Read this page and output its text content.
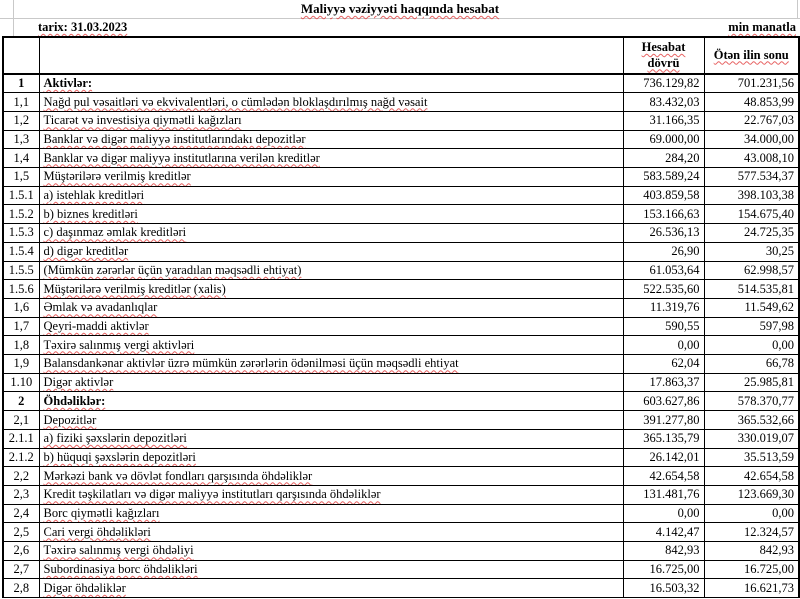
Maliyyə vəziyyəti haqqında hesabat
tarix: 31.03.2023	min manatla
		Hesabat dövrü	Ötən ilin sonu
1	Aktivlər:	736.129,82	701.231,56
1,1	Nağd pul vəsaitləri və ekvivalentləri, o cümlədən bloklaşdırılmış nağd vəsait	83.432,03	48.853,99
1,2	Ticarət və investisiya qiymətli kağızları	31.166,35	22.767,03
1,3	Banklar və digər maliyyə institutlarındakı depozitlər	69.000,00	34.000,00
1,4	Banklar və digər maliyyə institutlarına verilən kreditlər	284,20	43.008,10
1,5	Müştərilərə verilmiş kreditlər	583.589,24	577.534,37
1.5.1	a) istehlak kreditləri	403.859,58	398.103,38
1.5.2	b) biznes kreditləri	153.166,63	154.675,40
1.5.3	c) daşınmaz əmlak kreditləri	26.536,13	24.725,35
1.5.4	d) digər kreditlər	26,90	30,25
1.5.5	(Mümkün zərərlər üçün yaradılan məqsədli ehtiyat)	61.053,64	62.998,57
1.5.6	Müştərilərə verilmiş kreditlər (xalis)	522.535,60	514.535,81
1,6	Əmlak və avadanlıqlar	11.319,76	11.549,62
1,7	Qeyri-maddi aktivlər	590,55	597,98
1,8	Təxirə salınmış vergi aktivləri	0,00	0,00
1,9	Balansdankənar aktivlər üzrə mümkün zərərlərin ödənilməsi üçün məqsədli ehtiyat	62,04	66,78
1.10	Digər aktivlər	17.863,37	25.985,81
2	Öhdəliklər:	603.627,86	578.370,77
2,1	Depozitlər	391.277,80	365.532,66
2.1.1	a) fiziki şəxslərin depozitləri	365.135,79	330.019,07
2.1.2	b) hüquqi şəxslərin depozitləri	26.142,01	35.513,59
2,2	Mərkəzi bank və dövlət fondları qarşısında öhdəliklər	42.654,58	42.654,58
2,3	Kredit təşkilatları və digər maliyyə institutları qarşısında öhdəliklər	131.481,76	123.669,30
2,4	Borc qiymətli kağızları	0,00	0,00
2,5	Cari vergi öhdəlikləri	4.142,47	12.324,57
2,6	Təxirə salınmış vergi öhdəliyi	842,93	842,93
2,7	Subordinasiya borc öhdəlikləri	16.725,00	16.725,00
2,8	Digər öhdəliklər	16.503,32	16.621,73
